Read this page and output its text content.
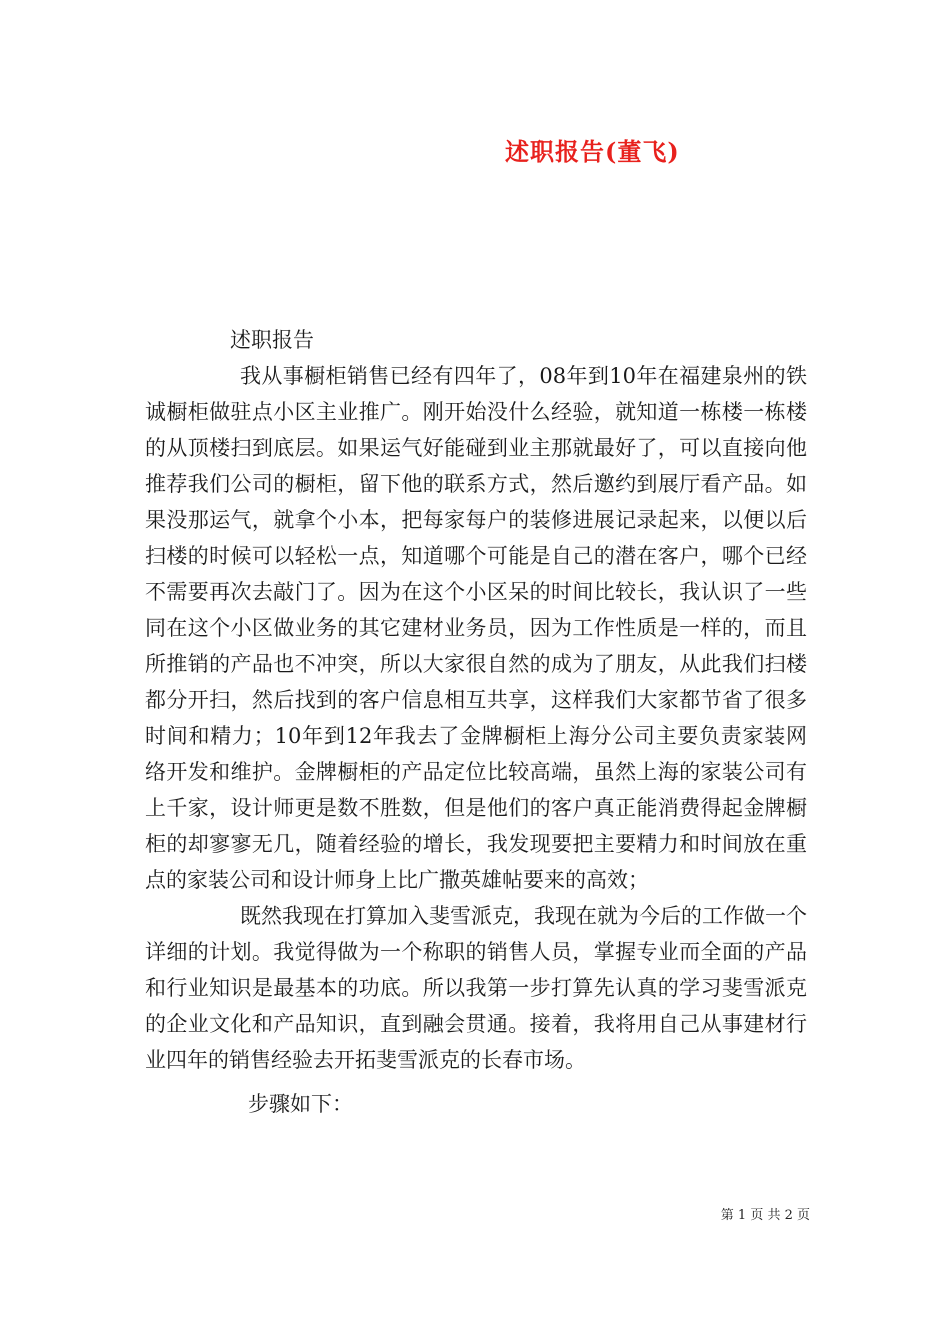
述职报告(董飞)

述职报告

我从事橱柜销售已经有四年了，08年到10年在福建泉州的铁诚橱柜做驻点小区主业推广。刚开始没什么经验，就知道一栋楼一栋楼的从顶楼扫到底层。如果运气好能碰到业主那就最好了，可以直接向他推荐我们公司的橱柜，留下他的联系方式，然后邀约到展厅看产品。如果没那运气，就拿个小本，把每家每户的装修进展记录起来，以便以后扫楼的时候可以轻松一点，知道哪个可能是自己的潜在客户，哪个已经不需要再次去敲门了。因为在这个小区呆的时间比较长，我认识了一些同在这个小区做业务的其它建材业务员，因为工作性质是一样的，而且所推销的产品也不冲突，所以大家很自然的成为了朋友，从此我们扫楼都分开扫，然后找到的客户信息相互共享，这样我们大家都节省了很多时间和精力；10年到12年我去了金牌橱柜上海分公司主要负责家装网络开发和维护。金牌橱柜的产品定位比较高端，虽然上海的家装公司有上千家，设计师更是数不胜数，但是他们的客户真正能消费得起金牌橱柜的却寥寥无几，随着经验的增长，我发现要把主要精力和时间放在重点的家装公司和设计师身上比广撒英雄帖要来的高效；

既然我现在打算加入斐雪派克，我现在就为今后的工作做一个详细的计划。我觉得做为一个称职的销售人员，掌握专业而全面的产品和行业知识是最基本的功底。所以我第一步打算先认真的学习斐雪派克的企业文化和产品知识，直到融会贯通。接着，我将用自己从事建材行业四年的销售经验去开拓斐雪派克的长春市场。

步骤如下：

第 1 页 共 2 页
